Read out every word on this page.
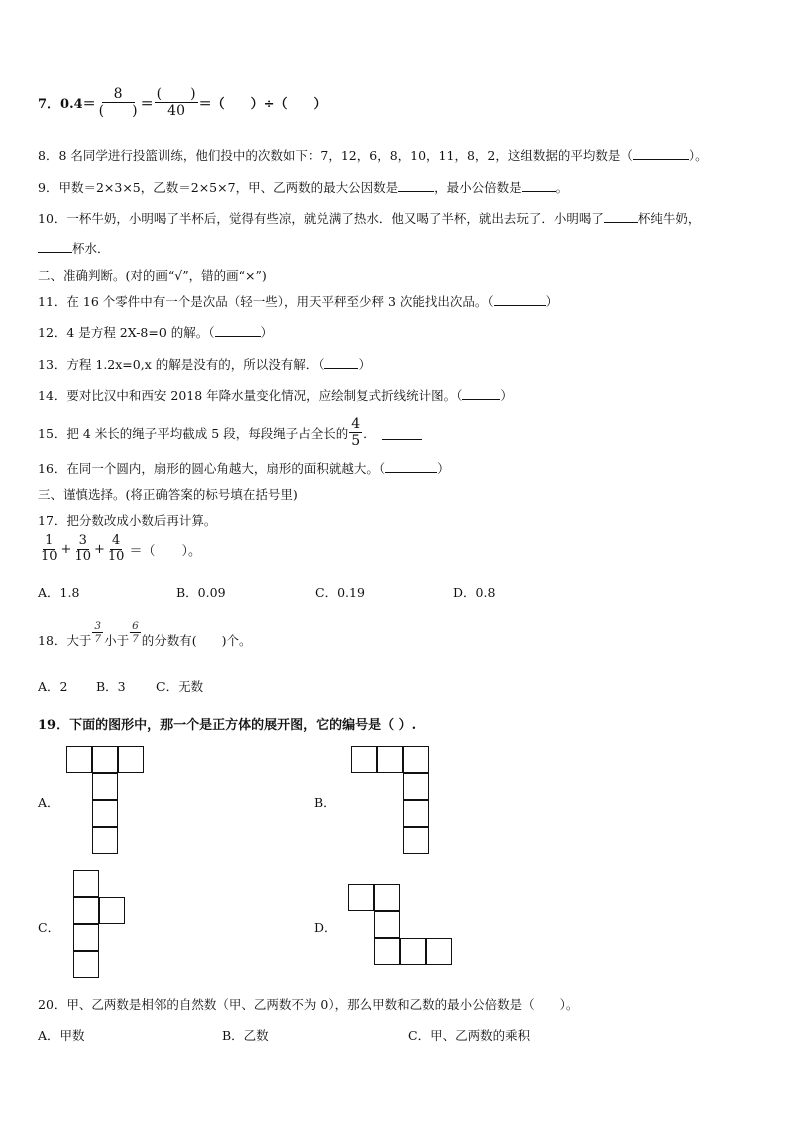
7．$0.4= \frac{8}{( )} = \frac{( )}{40}$ ＝（　　）÷（　　）
8．8 名同学进行投篮训练，他们投中的次数如下：7，12，6，8，10，11，8，2，这组数据的平均数是（	）。
9．甲数＝2×3×5，乙数＝2×5×7，甲、乙两数的最大公因数是	，最小公倍数是	。
10．一杯牛奶，小明喝了半杯后，觉得有些凉，就兑满了热水．他又喝了半杯，就出去玩了．小明喝了	杯纯牛奶，
杯水．
二、准确判断。(对的画“√”，错的画“×”)
11．在 16 个零件中有一个是次品（轻一些），用天平秤至少秤 3 次能找出次品。（	）
12．4 是方程 2X-8=0 的解。（	）
13．方程 1.2x=0,x 的解是没有的，所以没有解．（	）
14．要对比汉中和西安 2018 年降水量变化情况，应绘制复式折线统计图。（	）
15．把 4 米长的绳子平均截成 5 段，每段绳子占全长的 $\frac{4}{5}$ ．
16．在同一个圆内，扇形的圆心角越大，扇形的面积就越大。（	）
三、谨慎选择。(将正确答案的标号填在括号里)
17．把分数改成小数后再计算。
$\frac{1}{10} + \frac{3}{10} + \frac{4}{10}$ ＝（　　）。
A．1.8	B．0.09	C．0.19	D．0.8
18．大于 $\frac{3}{7}$ 小于 $\frac{6}{7}$ 的分数有(　　)个。
A．2 B．3 C．无数
19．下面的图形中，那一个是正方体的展开图，它的编号是（ ）.
A．	B．
C．	D．
20．甲、乙两数是相邻的自然数（甲、乙两数不为 0），那么甲数和乙数的最小公倍数是（　　）。
A．甲数	B．乙数	C．甲、乙两数的乘积
